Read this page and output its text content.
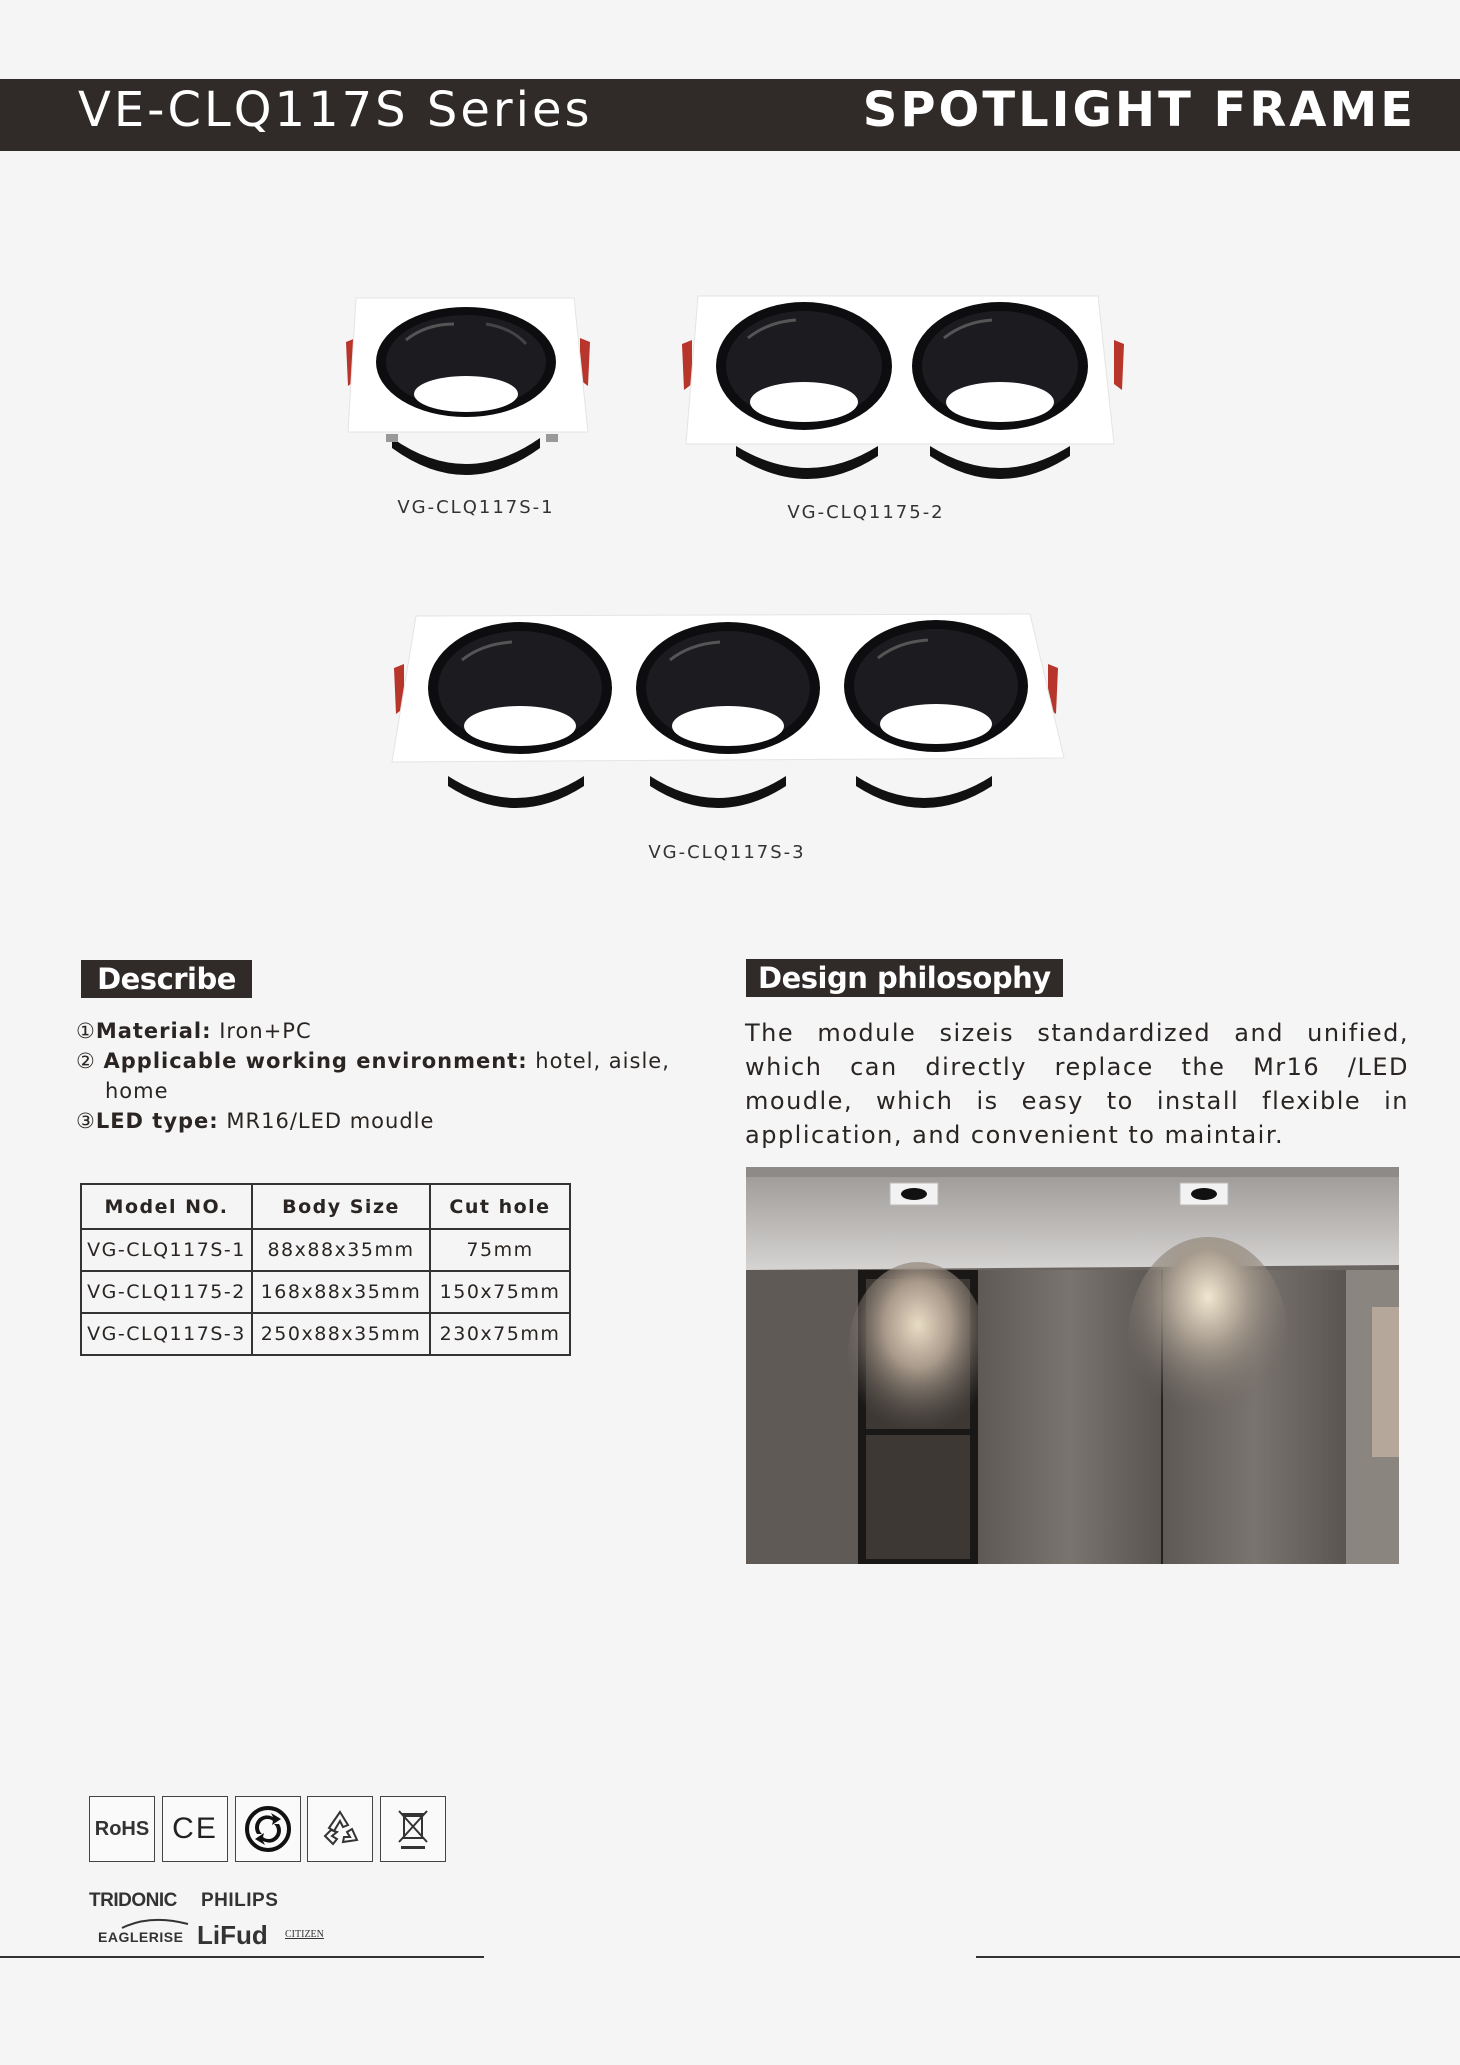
VE-CLQ117S Series	SPOTLIGHT FRAME
VG-CLQ117S-1	VG-CLQ1175-2
VG-CLQ117S-3
Describe
①Material: Iron+PC
② Applicable working environment: hotel, aisle,
home
③LED type: MR16/LED moudle
Model NO.	Body Size	Cut hole
VG-CLQ117S-1	88x88x35mm	75mm
VG-CLQ1175-2	168x88x35mm	150x75mm
VG-CLQ117S-3	250x88x35mm	230x75mm
Design philosophy
The module sizeis standardized and unified, which can directly replace the Mr16 /LED moudle, which is easy to install flexible in application, and convenient to maintair.
RoHS CE
TRIDONIC PHILIPS
EAGLERISE LiFud CITIZEN
